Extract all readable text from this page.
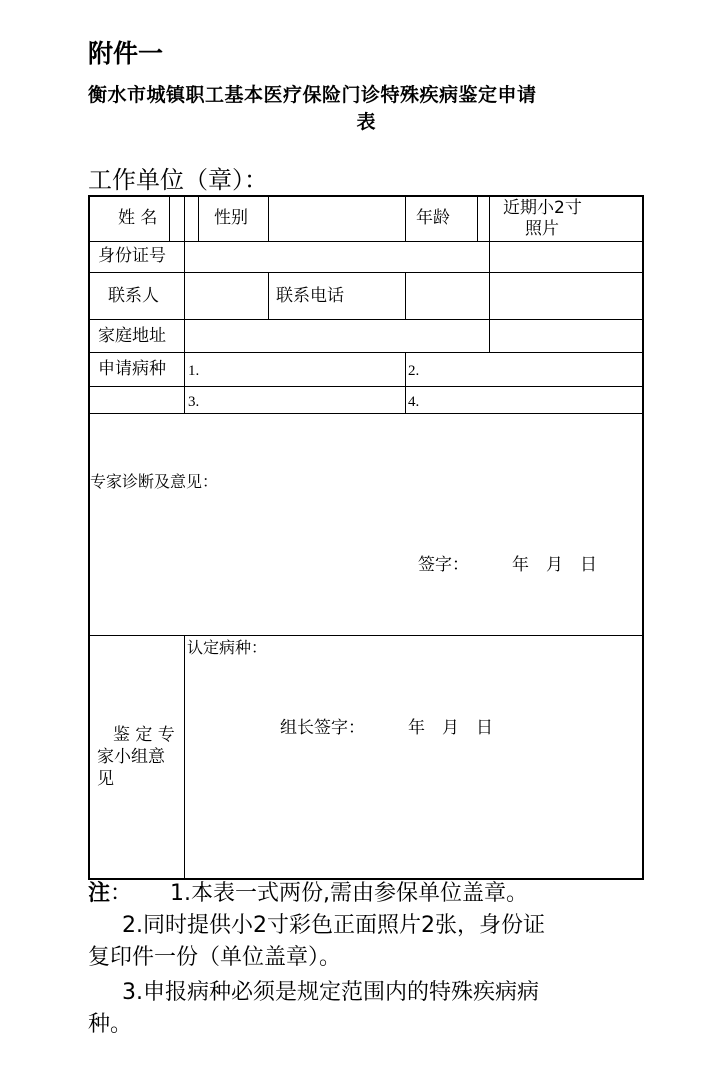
附件一
衡水市城镇职工基本医疗保险门诊特殊疾病鉴定申请
表
工作单位（章）：
姓 名	性别	年龄	近期小2寸
照片
身份证号
联系人	联系电话
家庭地址
申请病种 1.	2.
3.	4.
专家诊断及意见：
签字：	年　月　日
认定病种：
鉴 定 专
家小组意
见
组长签字：	年　月　日
注： 1.本表一式两份,需由参保单位盖章。
2.同时提供小2寸彩色正面照片2张，身份证
复印件一份（单位盖章）。
3.申报病种必须是规定范围内的特殊疾病病
种。
